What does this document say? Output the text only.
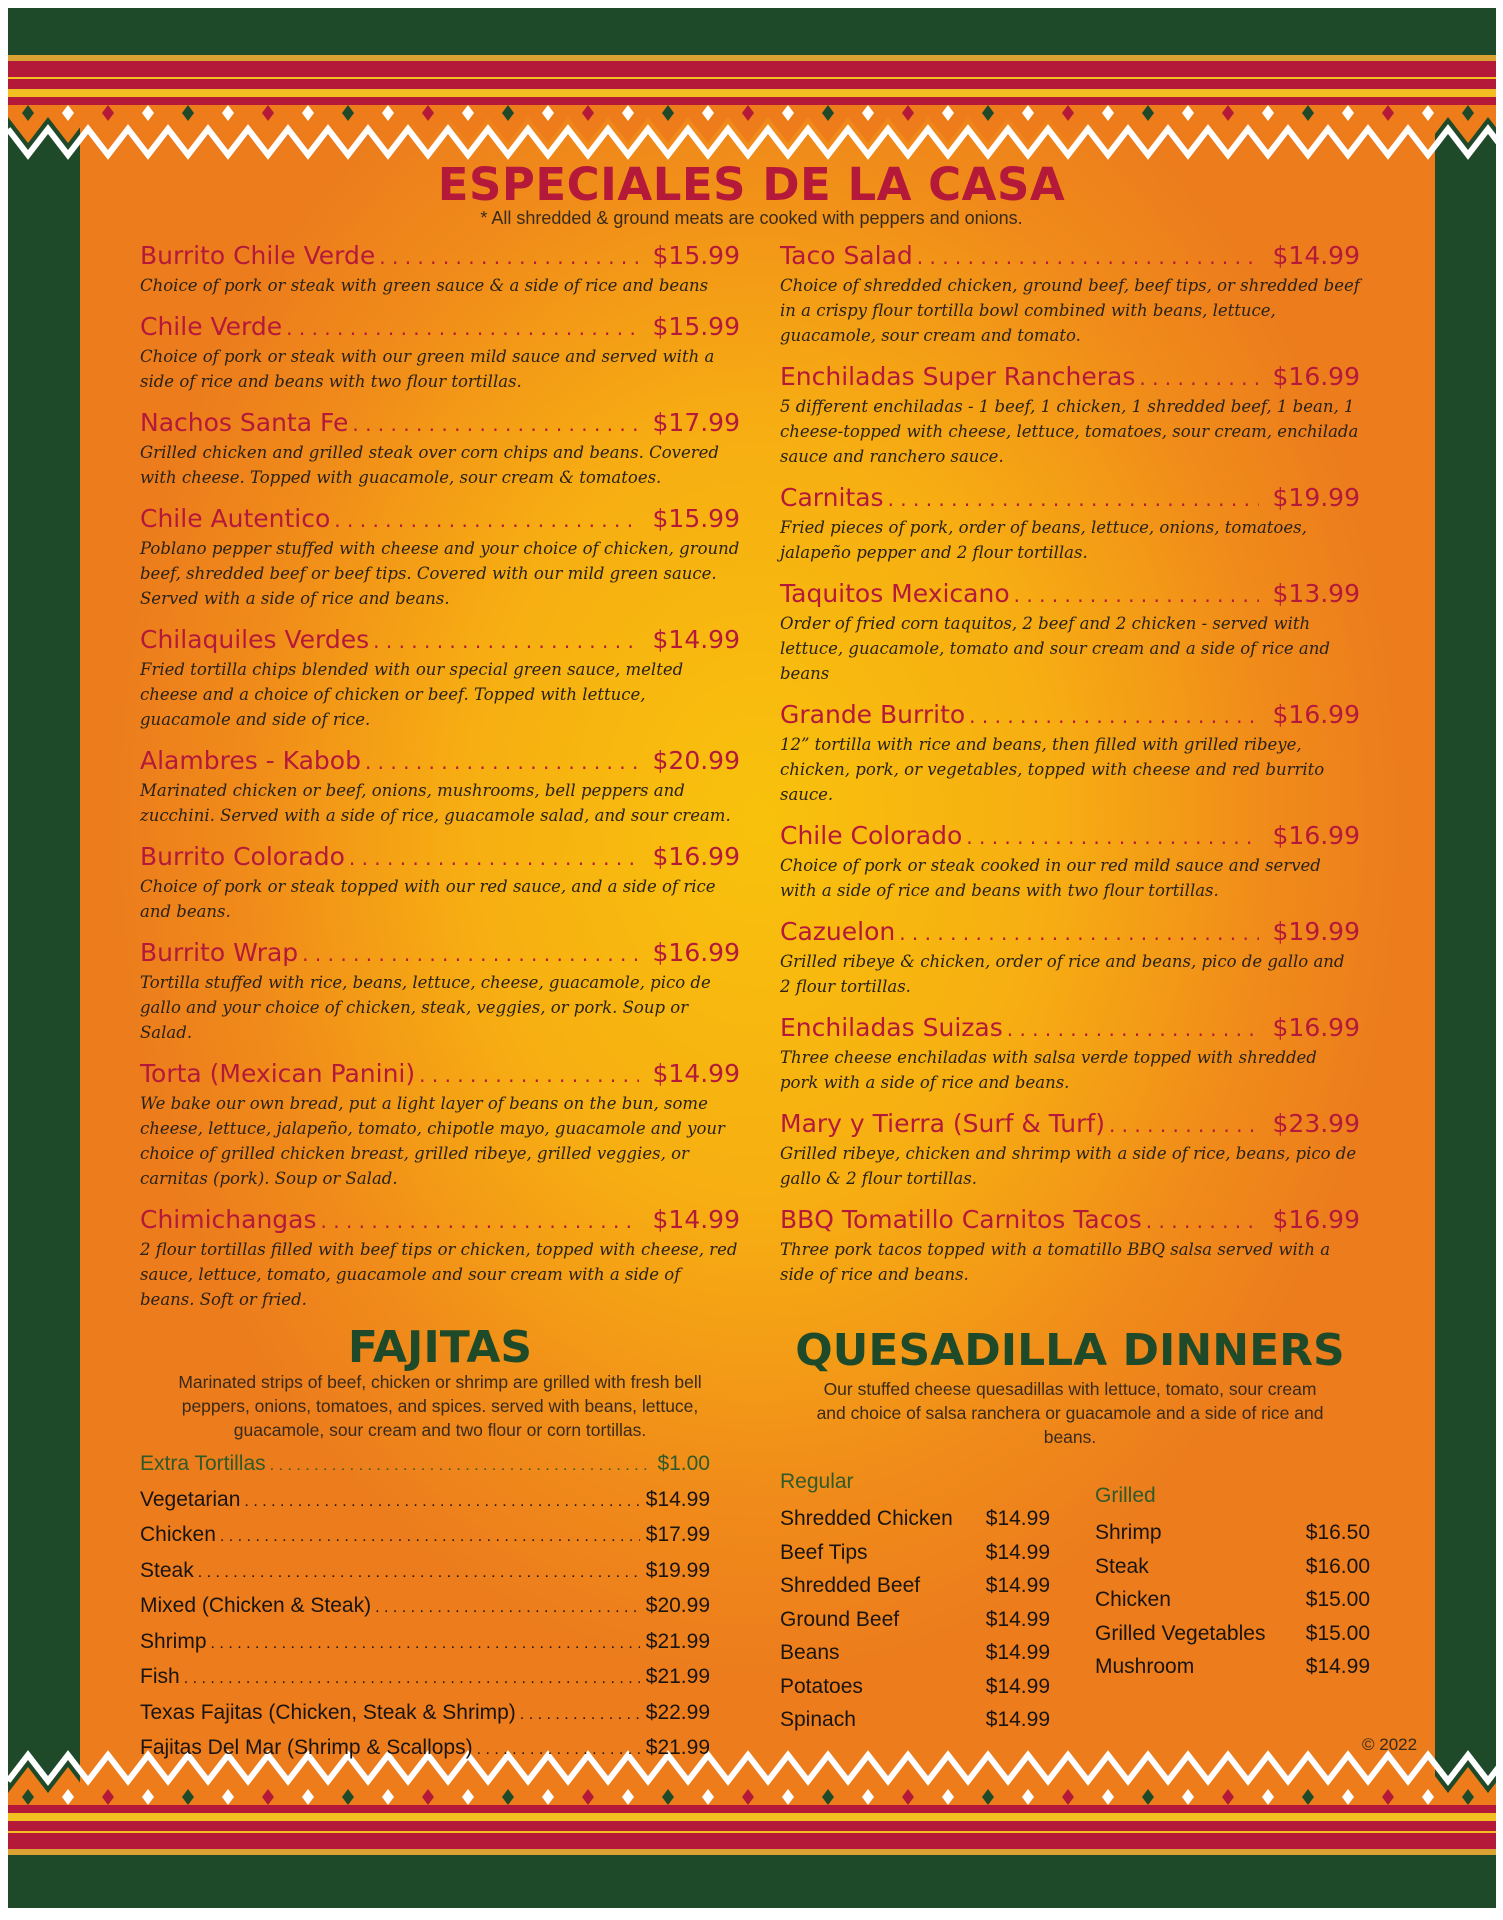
ESPECIALES DE LA CASA

* All shredded & ground meats are cooked with peppers and onions.

Burrito Chile Verde . . .	$15.99
Choice of pork or steak with green sauce & a side of rice and beans
Chile Verde . . .	$15.99
Choice of pork or steak with our green mild sauce and served with a side of rice and beans with two flour tortillas.
Nachos Santa Fe . . .	$17.99
Grilled chicken and grilled steak over corn chips and beans. Covered with cheese. Topped with guacamole, sour cream & tomatoes.
Chile Autentico . . .	$15.99
Poblano pepper stuffed with cheese and your choice of chicken, ground beef, shredded beef or beef tips. Covered with our mild green sauce. Served with a side of rice and beans.
Chilaquiles Verdes . . .	$14.99
Fried tortilla chips blended with our special green sauce, melted cheese and a choice of chicken or beef. Topped with lettuce, guacamole and side of rice.
Alambres - Kabob . . .	$20.99
Marinated chicken or beef, onions, mushrooms, bell peppers and zucchini. Served with a side of rice, guacamole salad, and sour cream.
Burrito Colorado . . .	$16.99
Choice of pork or steak topped with our red sauce, and a side of rice and beans.
Burrito Wrap . . .	$16.99
Tortilla stuffed with rice, beans, lettuce, cheese, guacamole, pico de gallo and your choice of chicken, steak, veggies, or pork. Soup or Salad.
Torta (Mexican Panini) . . .	$14.99
We bake our own bread, put a light layer of beans on the bun, some cheese, lettuce, jalapeño, tomato, chipotle mayo, guacamole and your choice of grilled chicken breast, grilled ribeye, grilled veggies, or carnitas (pork). Soup or Salad.
Chimichangas . . .	$14.99
2 flour tortillas filled with beef tips or chicken, topped with cheese, red sauce, lettuce, tomato, guacamole and sour cream with a side of beans. Soft or fried.
Taco Salad . . .	$14.99
Choice of shredded chicken, ground beef, beef tips, or shredded beef in a crispy flour tortilla bowl combined with beans, lettuce, guacamole, sour cream and tomato.
Enchiladas Super Rancheras . . .	$16.99
5 different enchiladas - 1 beef, 1 chicken, 1 shredded beef, 1 bean, 1 cheese-topped with cheese, lettuce, tomatoes, sour cream, enchilada sauce and ranchero sauce.
Carnitas . . .	$19.99
Fried pieces of pork, order of beans, lettuce, onions, tomatoes, jalapeño pepper and 2 flour tortillas.
Taquitos Mexicano . . .	$13.99
Order of fried corn taquitos, 2 beef and 2 chicken - served with lettuce, guacamole, tomato and sour cream and a side of rice and beans
Grande Burrito . . .	$16.99
12” tortilla with rice and beans, then filled with grilled ribeye, chicken, pork, or vegetables, topped with cheese and red burrito sauce.
Chile Colorado . . .	$16.99
Choice of pork or steak cooked in our red mild sauce and served with a side of rice and beans with two flour tortillas.
Cazuelon . . .	$19.99
Grilled ribeye & chicken, order of rice and beans, pico de gallo and 2 flour tortillas.
Enchiladas Suizas . . .	$16.99
Three cheese enchiladas with salsa verde topped with shredded pork with a side of rice and beans.
Mary y Tierra (Surf & Turf) . . .	$23.99
Grilled ribeye, chicken and shrimp with a side of rice, beans, pico de gallo & 2 flour tortillas.
BBQ Tomatillo Carnitos Tacos . . .	$16.99
Three pork tacos topped with a tomatillo BBQ salsa served with a side of rice and beans.
FAJITAS

Marinated strips of beef, chicken or shrimp are grilled with fresh bell peppers, onions, tomatoes, and spices. served with beans, lettuce, guacamole, sour cream and two flour or corn tortillas.

Extra Tortillas . . .	$1.00
Vegetarian . . .	$14.99
Chicken . . .	$17.99
Steak . . .	$19.99
Mixed (Chicken & Steak) . . .	$20.99
Shrimp . . .	$21.99
Fish . . .	$21.99
Texas Fajitas (Chicken, Steak & Shrimp) . . .	$22.99
Fajitas Del Mar (Shrimp & Scallops) . . .	$21.99
QUESADILLA DINNERS

Our stuffed cheese quesadillas with lettuce, tomato, sour cream and choice of salsa ranchera or guacamole and a side of rice and beans.

Regular

Shredded Chicken $14.99
Beef Tips	$14.99
Shredded Beef	$14.99
Ground Beef	$14.99
Beans	$14.99
Potatoes	$14.99
Spinach	$14.99

Grilled

Shrimp	$16.50
Steak	$16.00
Chicken	$15.00
Grilled Vegetables $15.00
Mushroom	$14.99

© 2022
